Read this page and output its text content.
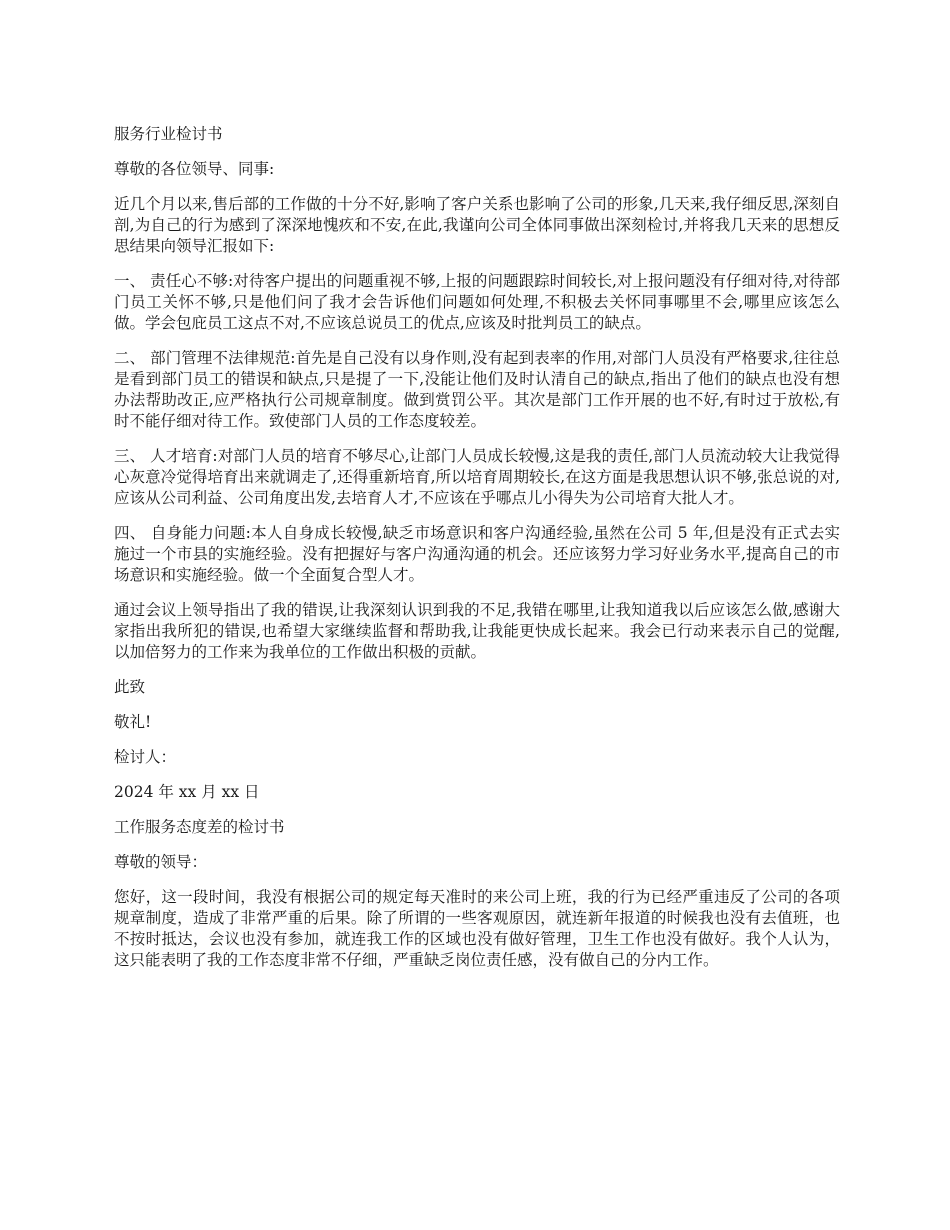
服务行业检讨书

尊敬的各位领导、同事:

近几个月以来,售后部的工作做的十分不好,影响了客户关系也影响了公司的形象,几天来,我仔细反思,深刻自剖,为自己的行为感到了深深地愧疚和不安,在此,我谨向公司全体同事做出深刻检讨,并将我几天来的思想反思结果向领导汇报如下:

一、 责任心不够:对待客户提出的问题重视不够,上报的问题跟踪时间较长,对上报问题没有仔细对待,对待部门员工关怀不够,只是他们问了我才会告诉他们问题如何处理,不积极去关怀同事哪里不会,哪里应该怎么做。学会包庇员工这点不对,不应该总说员工的优点,应该及时批判员工的缺点。

二、 部门管理不法律规范:首先是自己没有以身作则,没有起到表率的作用,对部门人员没有严格要求,往往总是看到部门员工的错误和缺点,只是提了一下,没能让他们及时认清自己的缺点,指出了他们的缺点也没有想办法帮助改正,应严格执行公司规章制度。做到赏罚公平。其次是部门工作开展的也不好,有时过于放松,有时不能仔细对待工作。致使部门人员的工作态度较差。

三、 人才培育:对部门人员的培育不够尽心,让部门人员成长较慢,这是我的责任,部门人员流动较大让我觉得心灰意冷觉得培育出来就调走了,还得重新培育,所以培育周期较长,在这方面是我思想认识不够,张总说的对,应该从公司利益、公司角度出发,去培育人才,不应该在乎哪点儿小得失为公司培育大批人才。

四、 自身能力问题:本人自身成长较慢,缺乏市场意识和客户沟通经验,虽然在公司 5 年,但是没有正式去实施过一个市县的实施经验。没有把握好与客户沟通沟通的机会。还应该努力学习好业务水平,提高自己的市场意识和实施经验。做一个全面复合型人才。

通过会议上领导指出了我的错误,让我深刻认识到我的不足,我错在哪里,让我知道我以后应该怎么做,感谢大家指出我所犯的错误,也希望大家继续监督和帮助我,让我能更快成长起来。我会已行动来表示自己的觉醒,以加倍努力的工作来为我单位的工作做出积极的贡献。

此致

敬礼!

检讨人：

2024 年 xx 月 xx 日

工作服务态度差的检讨书

尊敬的领导：

您好，这一段时间，我没有根据公司的规定每天准时的来公司上班，我的行为已经严重违反了公司的各项规章制度，造成了非常严重的后果。除了所谓的一些客观原因，就连新年报道的时候我也没有去值班，也不按时抵达，会议也没有参加，就连我工作的区域也没有做好管理，卫生工作也没有做好。我个人认为，这只能表明了我的工作态度非常不仔细，严重缺乏岗位责任感，没有做自己的分内工作。
